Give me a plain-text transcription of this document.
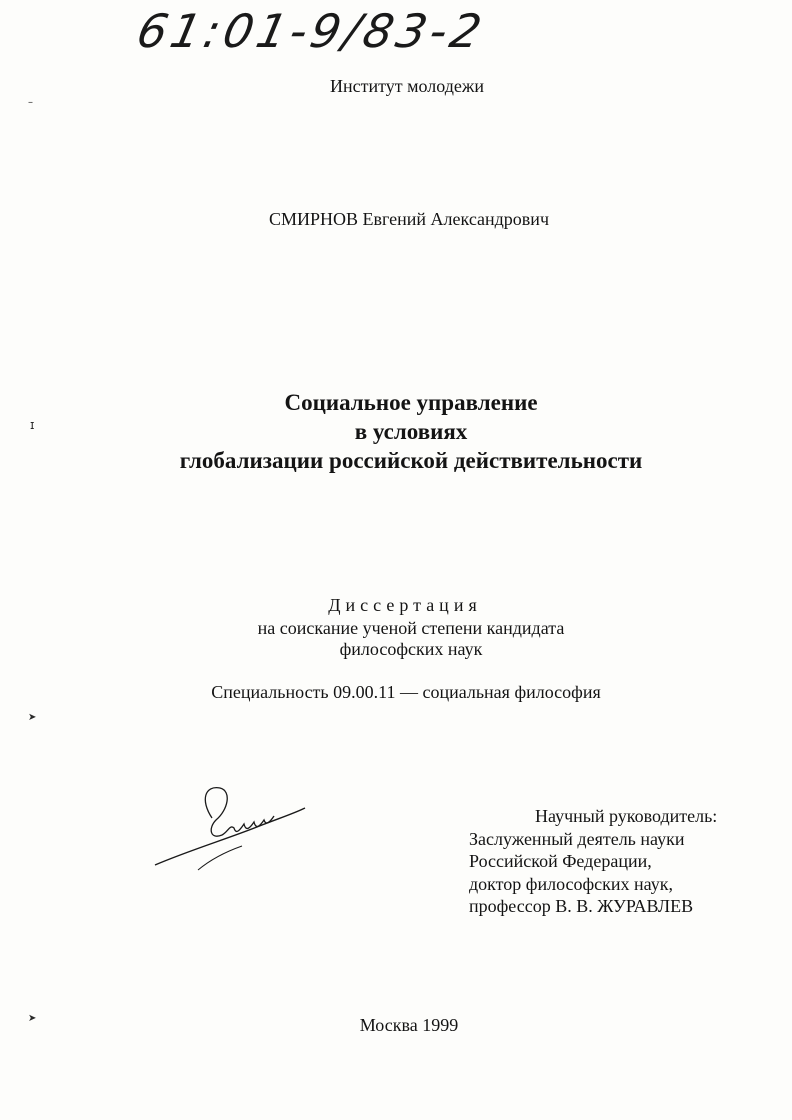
61:01-9/83-2
Институт молодежи
СМИРНОВ Евгений Александрович
Социальное управление
в условиях
глобализации российской действительности
Диссертация
на соискание ученой степени кандидата
философских наук
Специальность 09.00.11 — социальная философия
Научный руководитель:
Заслуженный деятель науки
Российской Федерации,
доктор философских наук,
профессор В. В. ЖУРАВЛЕВ
Москва 1999
–
ɪ
➤
➤
